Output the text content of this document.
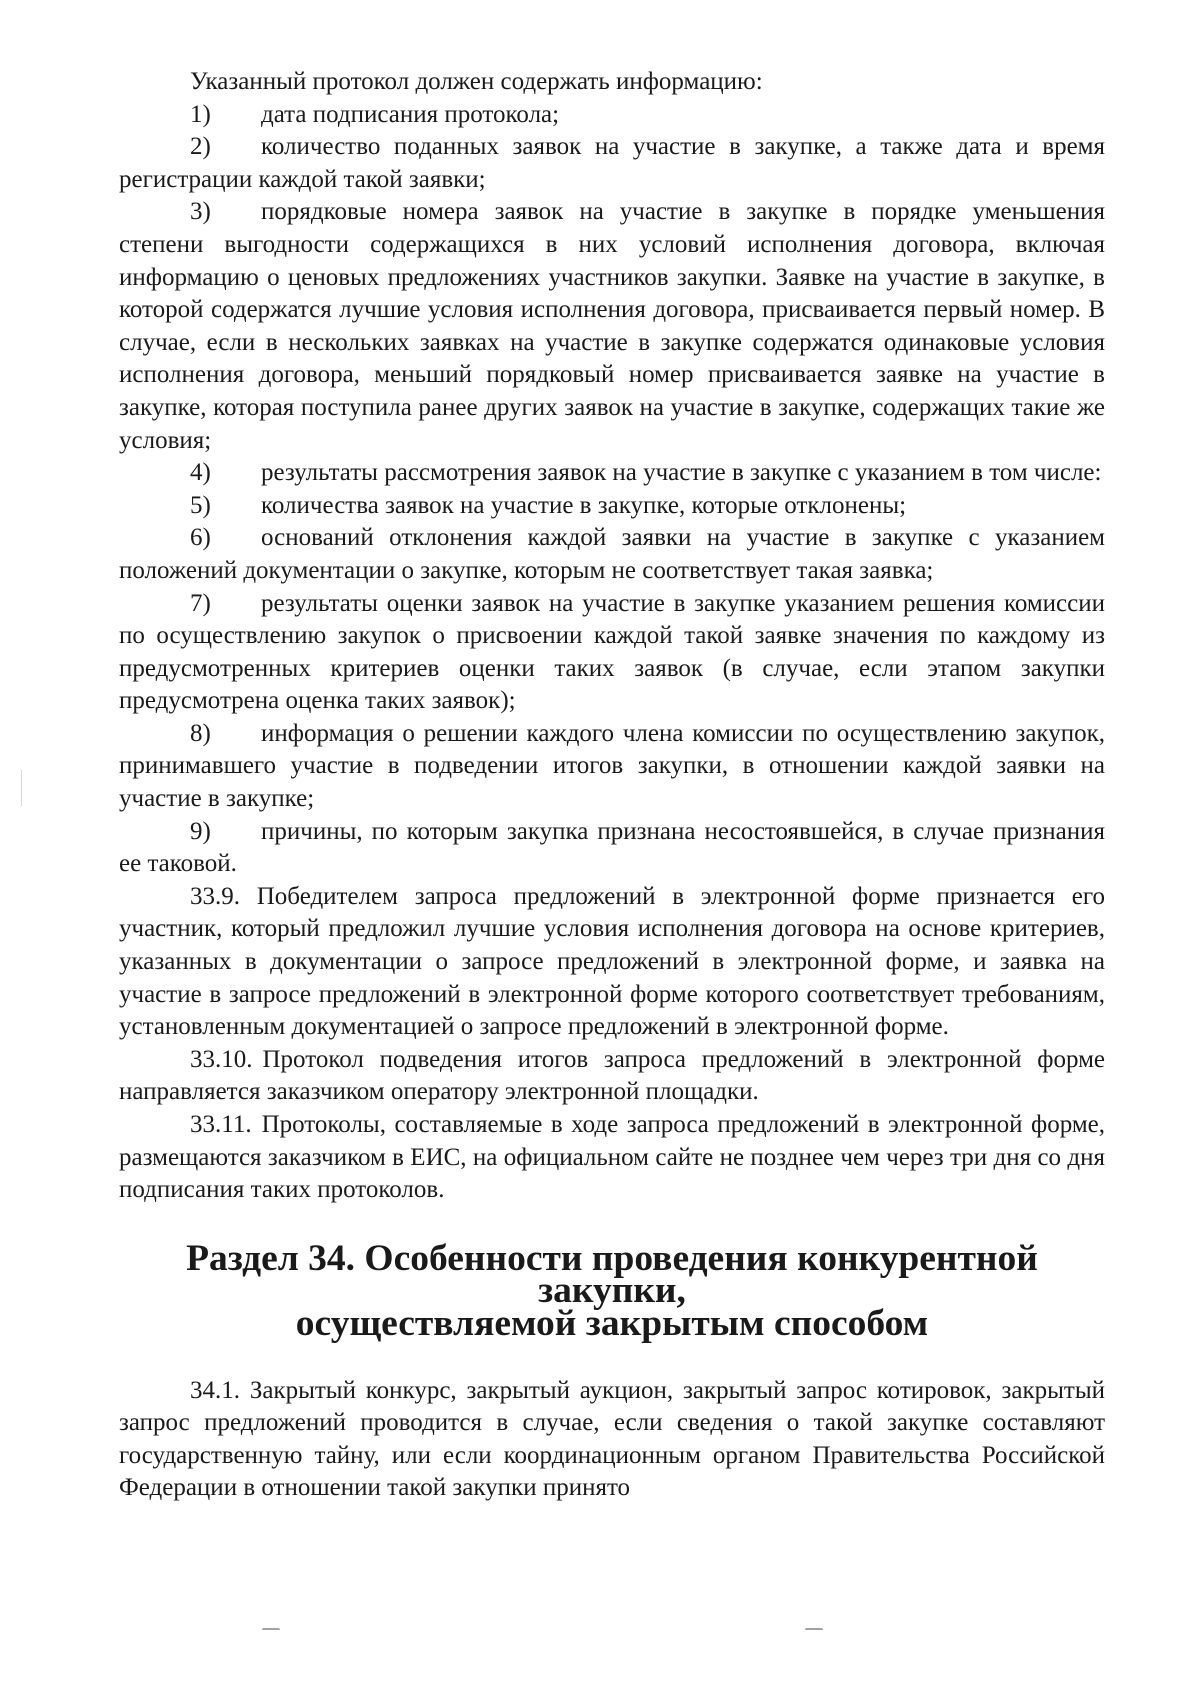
Указанный протокол должен содержать информацию:

1) дата подписания протокола;

2) количество поданных заявок на участие в закупке, а также дата и время регистрации каждой такой заявки;

3) порядковые номера заявок на участие в закупке в порядке уменьшения степени выгодности содержащихся в них условий исполнения договора, включая информацию о ценовых предложениях участников закупки. Заявке на участие в закупке, в которой содержатся лучшие условия исполнения договора, присваивается первый номер. В случае, если в нескольких заявках на участие в закупке содержатся одинаковые условия исполнения договора, меньший порядковый номер присваивается заявке на участие в закупке, которая поступила ранее других заявок на участие в закупке, содержащих такие же условия;

4) результаты рассмотрения заявок на участие в закупке с указанием в том числе:

5) количества заявок на участие в закупке, которые отклонены;

6) оснований отклонения каждой заявки на участие в закупке с указанием положений документации о закупке, которым не соответствует такая заявка;

7) результаты оценки заявок на участие в закупке указанием решения комиссии по осуществлению закупок о присвоении каждой такой заявке значения по каждому из предусмотренных критериев оценки таких заявок (в случае, если этапом закупки предусмотрена оценка таких заявок);

8) информация о решении каждого члена комиссии по осуществлению закупок, принимавшего участие в подведении итогов закупки, в отношении каждой заявки на участие в закупке;

9) причины, по которым закупка признана несостоявшейся, в случае признания ее таковой.

33.9. Победителем запроса предложений в электронной форме признается его участник, который предложил лучшие условия исполнения договора на основе критериев, указанных в документации о запросе предложений в электронной форме, и заявка на участие в запросе предложений в электронной форме которого соответствует требованиям, установленным документацией о запросе предложений в электронной форме.

33.10. Протокол подведения итогов запроса предложений в электронной форме направляется заказчиком оператору электронной площадки.

33.11. Протоколы, составляемые в ходе запроса предложений в электронной форме, размещаются заказчиком в ЕИС, на официальном сайте не позднее чем через три дня со дня подписания таких протоколов.

Раздел 34. Особенности проведения конкурентной закупки,
осуществляемой закрытым способом

34.1. Закрытый конкурс, закрытый аукцион, закрытый запрос котировок, закрытый запрос предложений проводится в случае, если сведения о такой закупке составляют государственную тайну, или если координационным органом Правительства Российской Федерации в отношении такой закупки принято
